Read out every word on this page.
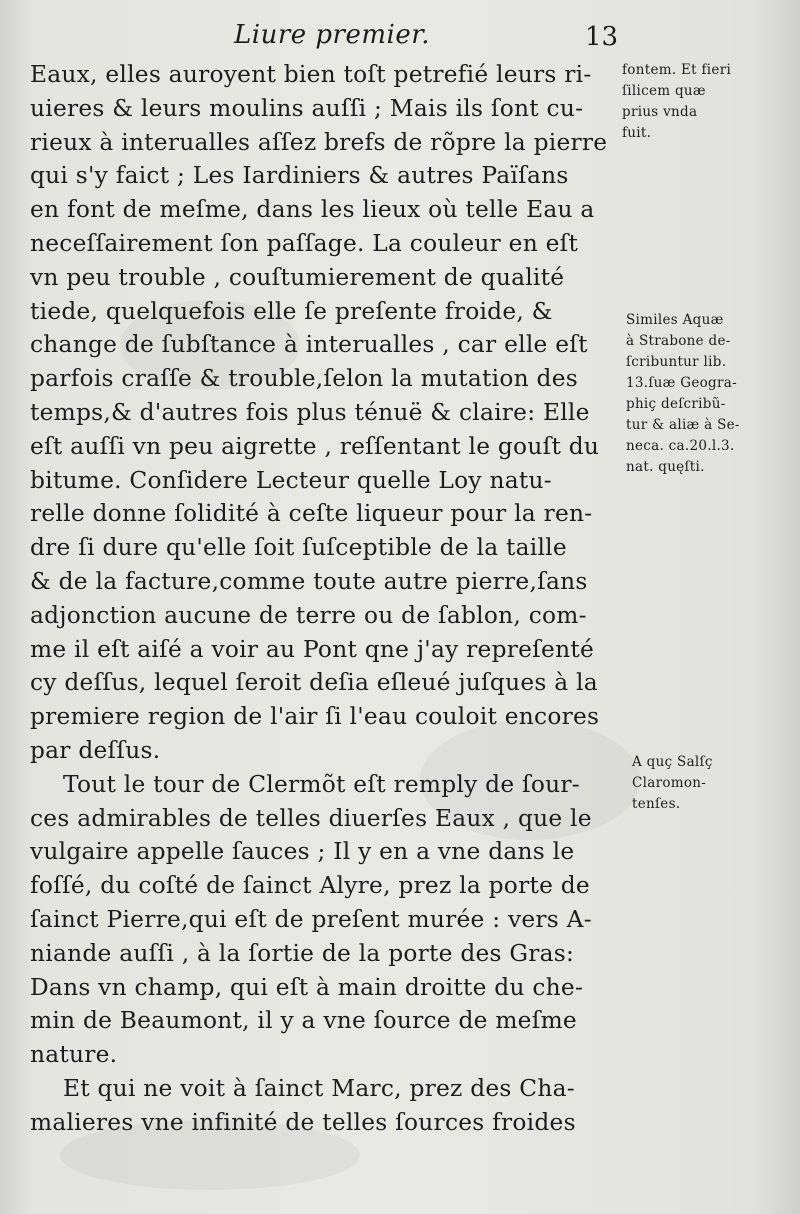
Liure premier.	13
Eaux, elles auroyent bien toſt petrefié leurs ri-
uieres & leurs moulins auſſi ; Mais ils ſont cu-
rieux à interualles aſſez brefs de rõpre la pierre
qui s'y faict ; Les Iardiniers & autres Païſans
en font de meſme, dans les lieux où telle Eau a
neceſſairement ſon paſſage. La couleur en eſt
vn peu trouble , couſtumierement de qualité
tiede, quelquefois elle ſe preſente froide, &
change de ſubſtance à interualles , car elle eſt
parfois craſſe & trouble,ſelon la mutation des
temps,& d'autres fois plus ténuë & claire: Elle
eſt auſſi vn peu aigrette , reſſentant le gouſt du
bitume. Conſidere Lecteur quelle Loy natu-
relle donne ſolidité à ceſte liqueur pour la ren-
dre ſi dure qu'elle ſoit ſuſceptible de la taille
& de la facture,comme toute autre pierre,ſans
adjonction aucune de terre ou de ſablon, com-
me il eſt aiſé a voir au Pont qne j'ay repreſenté
cy deſſus, lequel ſeroit deſia eſleué juſques à la
premiere region de l'air ſi l'eau couloit encores
par deſſus.
Tout le tour de Clermõt eſt remply de ſour-
ces admirables de telles diuerſes Eaux , que le
vulgaire appelle ſauces ; Il y en a vne dans le
foſſé, du coſté de ſainct Alyre, prez la porte de
ſainct Pierre,qui eſt de preſent murée : vers A-
niande auſſi , à la ſortie de la porte des Gras:
Dans vn champ, qui eſt à main droitte du che-
min de Beaumont, il y a vne ſource de meſme
nature.
Et qui ne voit à ſainct Marc, prez des Cha-
malieres vne infinité de telles ſources froides
fontem. Et fieri
ſilicem quæ
prius vnda
fuit.
Similes Aquæ
à Strabone de-
ſcribuntur lib.
13.ſuæ Geogra-
phiç deſcribũ-
tur & aliæ à Se-
neca. ca.20.l.3.
nat. quęſti.
A quç Salſç
Claromon-
tenſes.
